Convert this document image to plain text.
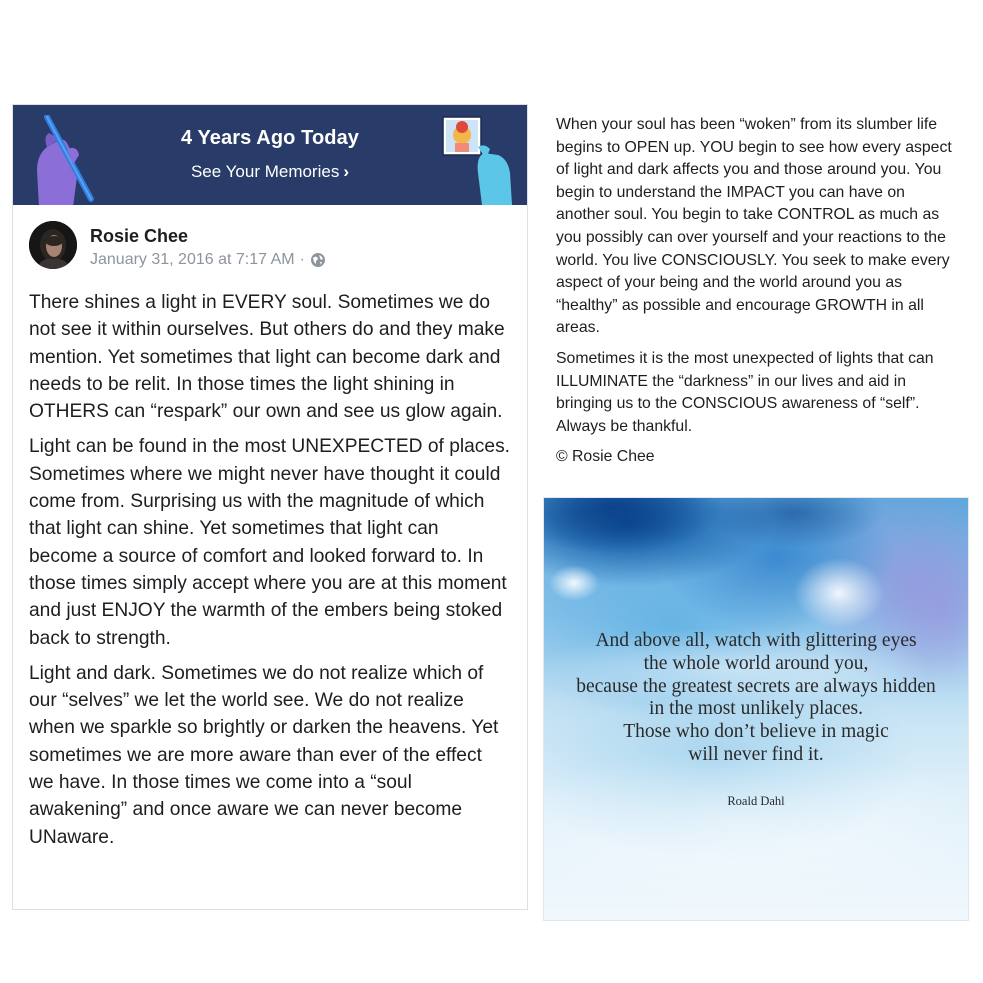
4 Years Ago Today
See Your Memories ›
Rosie Chee
January 31, 2016 at 7:17 AM ·

There shines a light in EVERY soul. Sometimes we do not see it within ourselves. But others do and they make mention. Yet sometimes that light can become dark and needs to be relit. In those times the light shining in OTHERS can “respark” our own and see us glow again.

Light can be found in the most UNEXPECTED of places. Sometimes where we might never have thought it could come from. Surprising us with the magnitude of which that light can shine. Yet sometimes that light can become a source of comfort and looked forward to. In those times simply accept where you are at this moment and just ENJOY the warmth of the embers being stoked back to strength.

Light and dark. Sometimes we do not realize which of our “selves” we let the world see. We do not realize when we sparkle so brightly or darken the heavens. Yet sometimes we are more aware than ever of the effect we have. In those times we come into a “soul awakening” and once aware we can never become UNaware.

When your soul has been “woken” from its slumber life begins to OPEN up. YOU begin to see how every aspect of light and dark affects you and those around you. You begin to understand the IMPACT you can have on another soul. You begin to take CONTROL as much as you possibly can over yourself and your reactions to the world. You live CONSCIOUSLY. You seek to make every aspect of your being and the world around you as “healthy” as possible and encourage GROWTH in all areas.

Sometimes it is the most unexpected of lights that can ILLUMINATE the “darkness” in our lives and aid in bringing us to the CONSCIOUS awareness of “self”. Always be thankful.

© Rosie Chee
And above all, watch with glittering eyes
the whole world around you,
because the greatest secrets are always hidden
in the most unlikely places.
Those who don’t believe in magic
will never find it.
Roald Dahl
